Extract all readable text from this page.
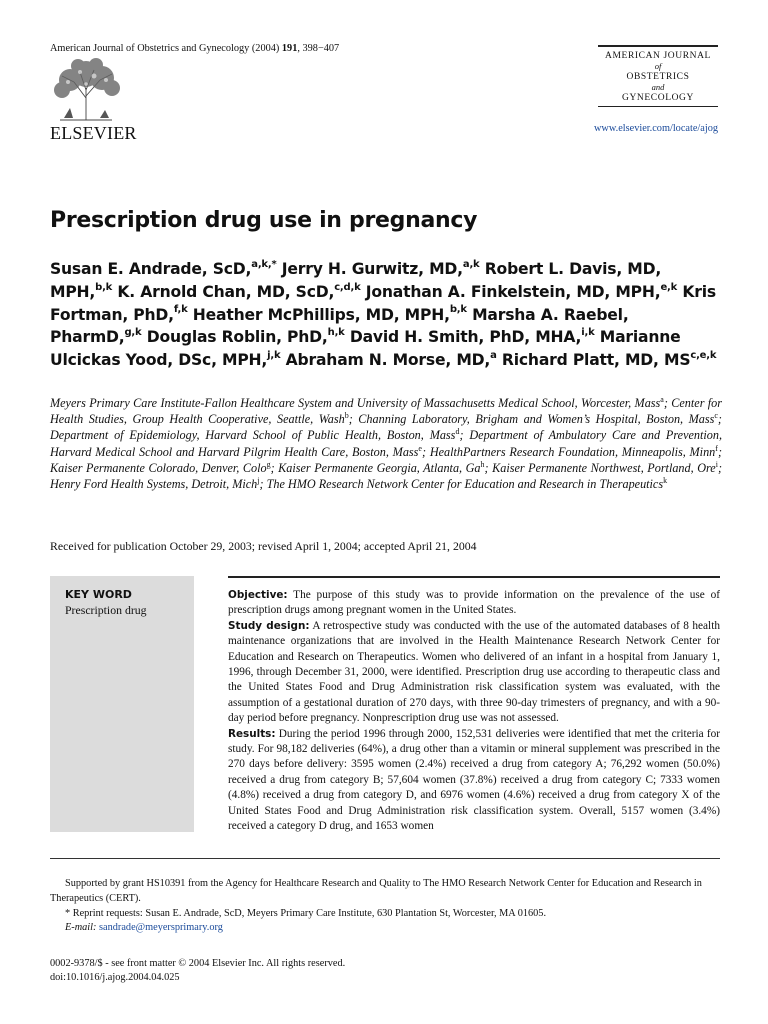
American Journal of Obstetrics and Gynecology (2004) 191, 398−407
ELSEVIER
AMERICAN JOURNAL
of
OBSTETRICS
and
GYNECOLOGY
www.elsevier.com/locate/ajog
Prescription drug use in pregnancy
Susan E. Andrade, ScD,$^{a,k,*}$ Jerry H. Gurwitz, MD,$^{a,k}$ Robert L. Davis, MD, MPH,$^{b,k}$ K. Arnold Chan, MD, ScD,$^{c,d,k}$ Jonathan A. Finkelstein, MD, MPH,$^{e,k}$ Kris Fortman, PhD,$^{f,k}$ Heather McPhillips, MD, MPH,$^{b,k}$ Marsha A. Raebel, PharmD,$^{g,k}$ Douglas Roblin, PhD,$^{h,k}$ David H. Smith, PhD, MHA,$^{i,k}$ Marianne Ulcickas Yood, DSc, MPH,$^{j,k}$ Abraham N. Morse, MD,$^a$ Richard Platt, MD, MS$^{c,e,k}$
Meyers Primary Care Institute-Fallon Healthcare System and University of Massachusetts Medical School, Worcester, Mass$^a$; Center for Health Studies, Group Health Cooperative, Seattle, Wash$^b$; Channing Laboratory, Brigham and Women’s Hospital, Boston, Mass$^c$; Department of Epidemiology, Harvard School of Public Health, Boston, Mass$^d$; Department of Ambulatory Care and Prevention, Harvard Medical School and Harvard Pilgrim Health Care, Boston, Mass$^e$; HealthPartners Research Foundation, Minneapolis, Minn$^f$; Kaiser Permanente Colorado, Denver, Colo$^g$; Kaiser Permanente Georgia, Atlanta, Ga$^h$; Kaiser Permanente Northwest, Portland, Ore$^i$; Henry Ford Health Systems, Detroit, Mich$^j$; The HMO Research Network Center for Education and Research in Therapeutics$^k$
Received for publication October 29, 2003; revised April 1, 2004; accepted April 21, 2004
KEY WORD
Prescription drug

Objective: The purpose of this study was to provide information on the prevalence of the use of prescription drugs among pregnant women in the United States.

Study design: A retrospective study was conducted with the use of the automated databases of 8 health maintenance organizations that are involved in the Health Maintenance Research Network Center for Education and Research on Therapeutics. Women who delivered of an infant in a hospital from January 1, 1996, through December 31, 2000, were identified. Prescription drug use according to therapeutic class and the United States Food and Drug Administration risk classification system was evaluated, with the assumption of a gestational duration of 270 days, with three 90-day trimesters of pregnancy, and with a 90-day period before pregnancy. Nonprescription drug use was not assessed.

Results: During the period 1996 through 2000, 152,531 deliveries were identified that met the criteria for study. For 98,182 deliveries (64%), a drug other than a vitamin or mineral supplement was prescribed in the 270 days before delivery: 3595 women (2.4%) received a drug from category A; 76,292 women (50.0%) received a drug from category B; 57,604 women (37.8%) received a drug from category C; 7333 women (4.8%) received a drug from category D, and 6976 women (4.6%) received a drug from category X of the United States Food and Drug Administration risk classification system. Overall, 5157 women (3.4%) received a category D drug, and 1653 women

Supported by grant HS10391 from the Agency for Healthcare Research and Quality to The HMO Research Network Center for Education and Research in Therapeutics (CERT).

* Reprint requests: Susan E. Andrade, ScD, Meyers Primary Care Institute, 630 Plantation St, Worcester, MA 01605.

E-mail: sandrade@meyersprimary.org

0002-9378/$ - see front matter © 2004 Elsevier Inc. All rights reserved.
doi:10.1016/j.ajog.2004.04.025
